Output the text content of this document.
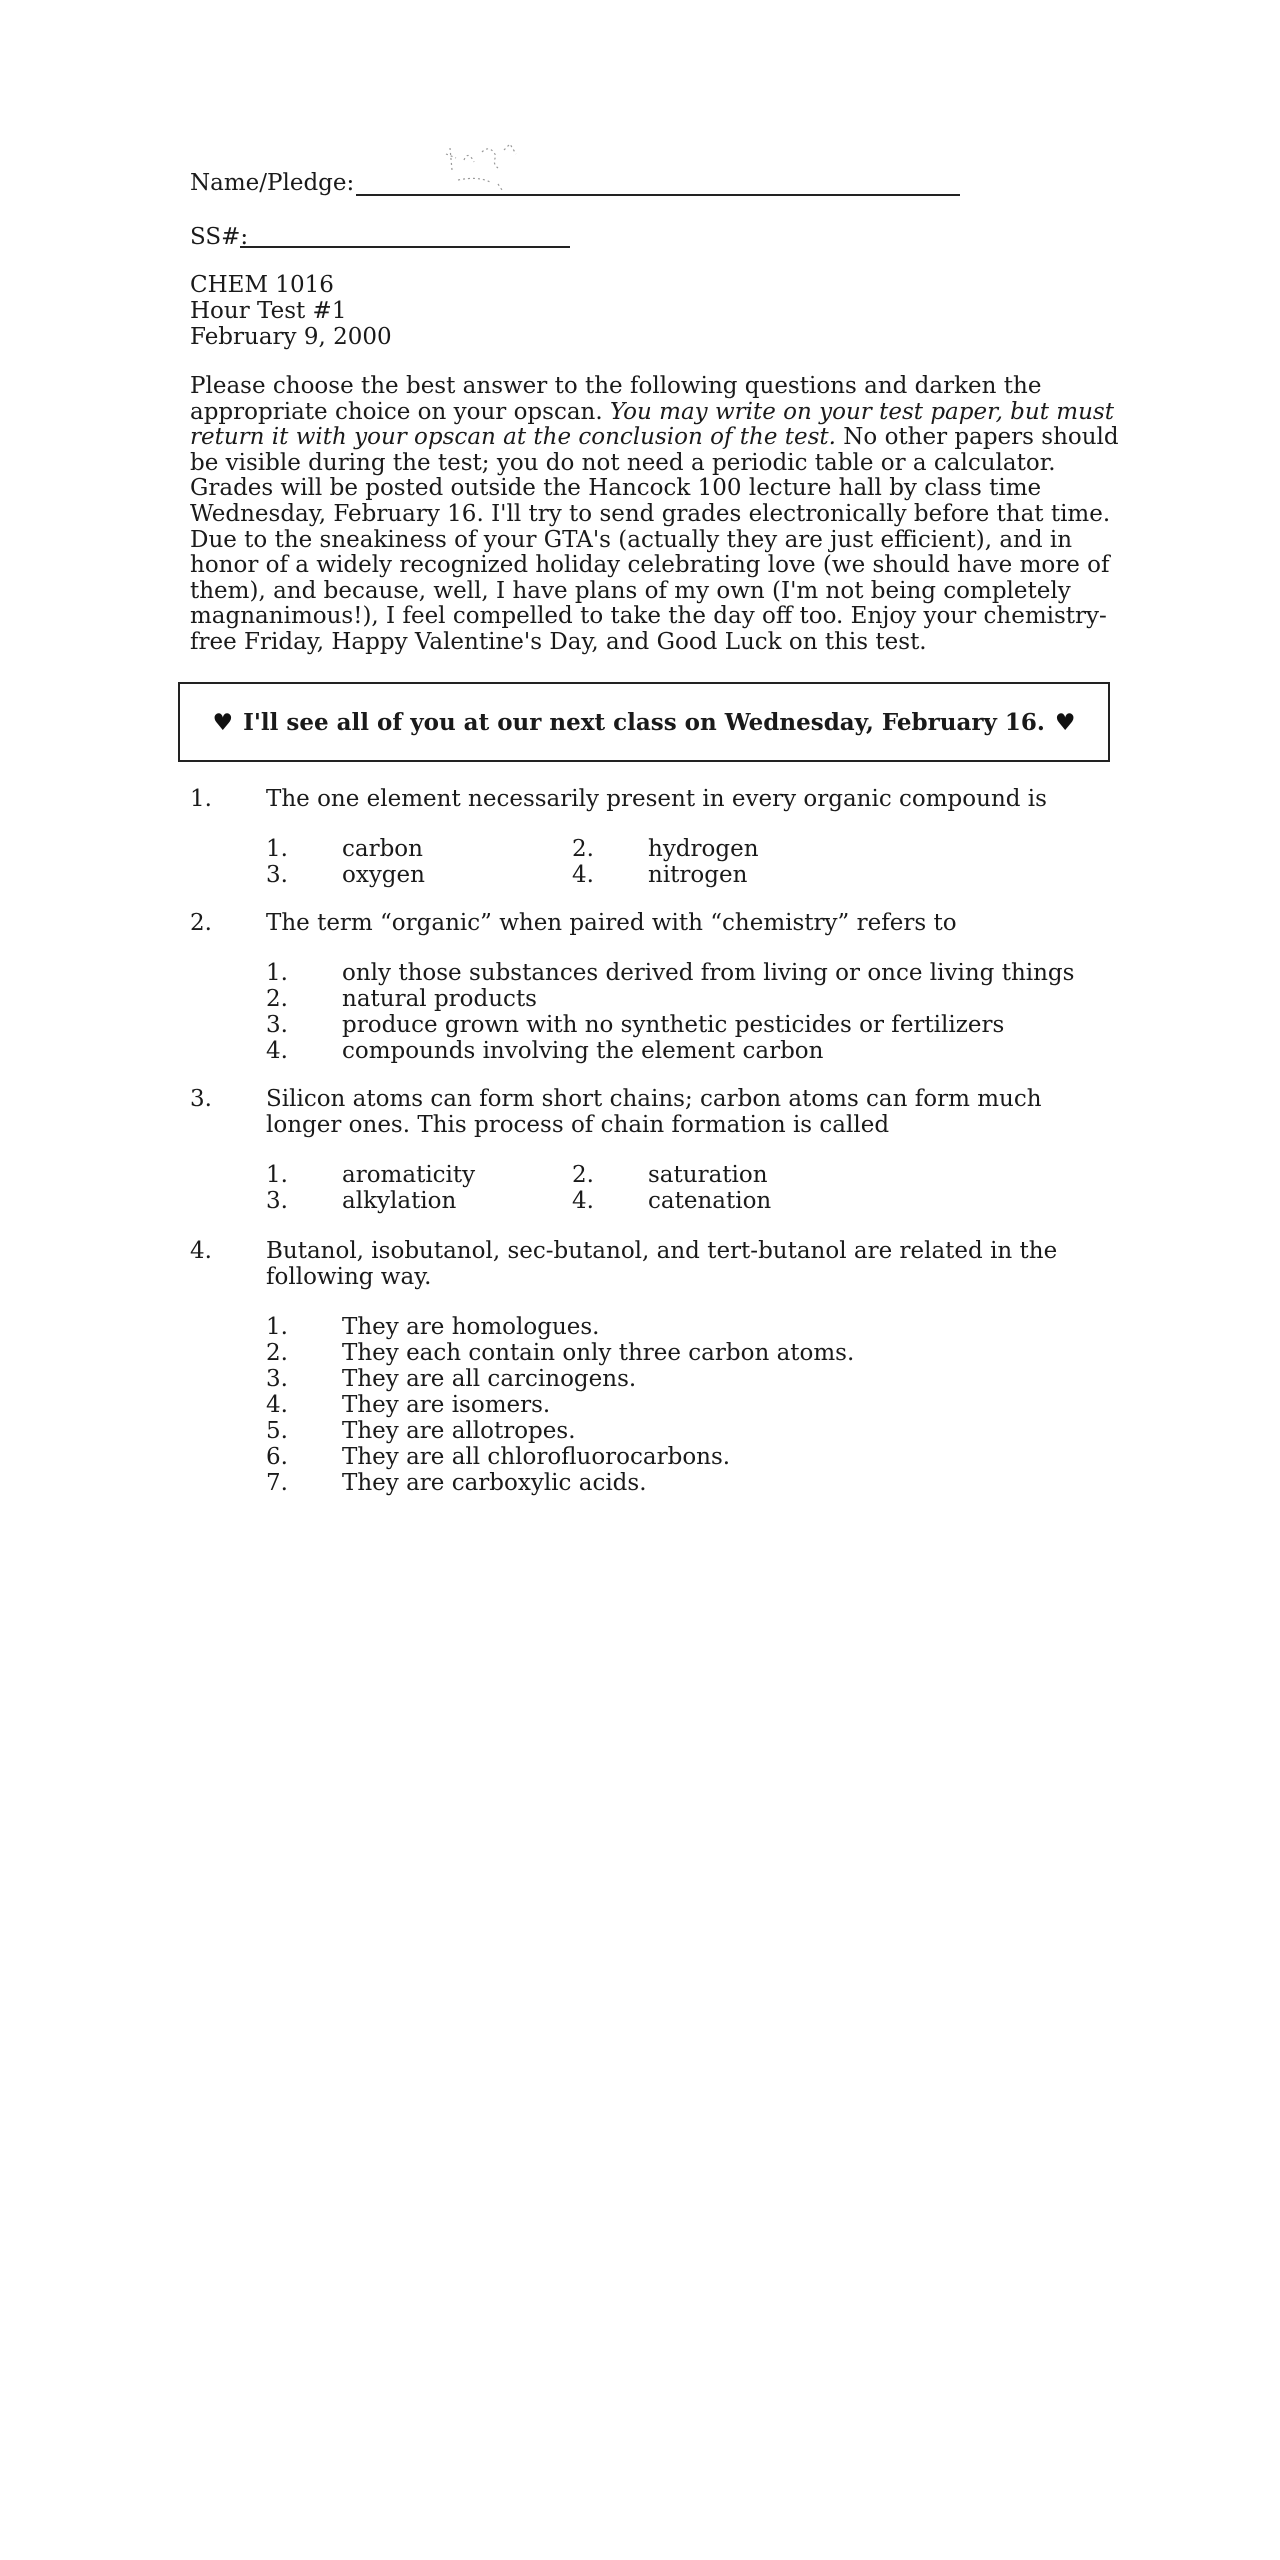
Name/Pledge:
SS#:
CHEM 1016
Hour Test #1
February 9, 2000
Please choose the best answer to the following questions and darken the appropriate choice on your opscan. You may write on your test paper, but must return it with your opscan at the conclusion of the test. No other papers should be visible during the test; you do not need a periodic table or a calculator. Grades will be posted outside the Hancock 100 lecture hall by class time Wednesday, February 16. I'll try to send grades electronically before that time. Due to the sneakiness of your GTA's (actually they are just efficient), and in honor of a widely recognized holiday celebrating love (we should have more of them), and because, well, I have plans of my own (I'm not being completely magnanimous!), I feel compelled to take the day off too. Enjoy your chemistry-free Friday, Happy Valentine's Day, and Good Luck on this test.
♥ I'll see all of you at our next class on Wednesday, February 16. ♥
1.	The one element necessarily present in every organic compound is
1.	carbon	2.	hydrogen
3.	oxygen	4.	nitrogen
2.	The term “organic” when paired with “chemistry” refers to
1.	only those substances derived from living or once living things
2.	natural products
3.	produce grown with no synthetic pesticides or fertilizers
4.	compounds involving the element carbon
3.	Silicon atoms can form short chains; carbon atoms can form much longer ones. This process of chain formation is called
1.	aromaticity	2.	saturation
3.	alkylation	4.	catenation
4.	Butanol, isobutanol, sec-butanol, and tert-butanol are related in the following way.
1.	They are homologues.
2.	They each contain only three carbon atoms.
3.	They are all carcinogens.
4.	They are isomers.
5.	They are allotropes.
6.	They are all chlorofluorocarbons.
7.	They are carboxylic acids.
